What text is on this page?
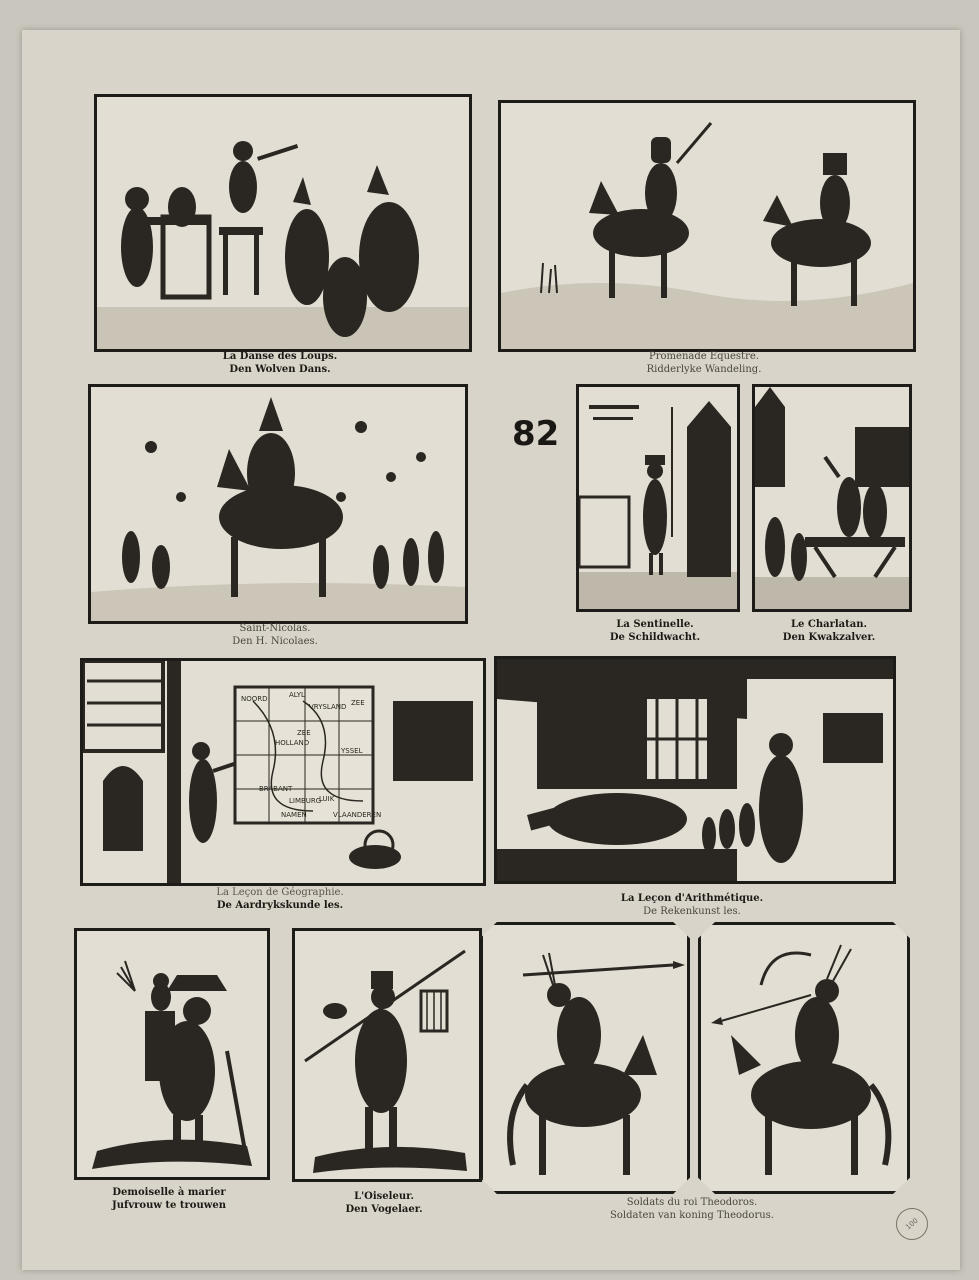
La Danse des Loups.
Den Wolven Dans.
Promenade Equestre.
Ridderlyke Wandeling.
Saint-Nicolas.
Den H. Nicolaes.
82
La Sentinelle.
De Schildwacht.
Le Charlatan.
Den Kwakzalver.
NOORD	ALYL
VRYSLAND ZEE
HOLLAND
ZEE
YSSEL
BRABANT
LIMBURG
LUIK
NAMEN	VLAANDEREN
La Leçon de Géographie.
De Aardrykskunde les.
La Leçon d'Arithmétique.
De Rekenkunst les.
Demoiselle à marier
Jufvrouw te trouwen
L'Oiseleur.
Den Vogelaer.
Soldats du roi Theodoros.
Soldaten van koning Theodorus.
100
